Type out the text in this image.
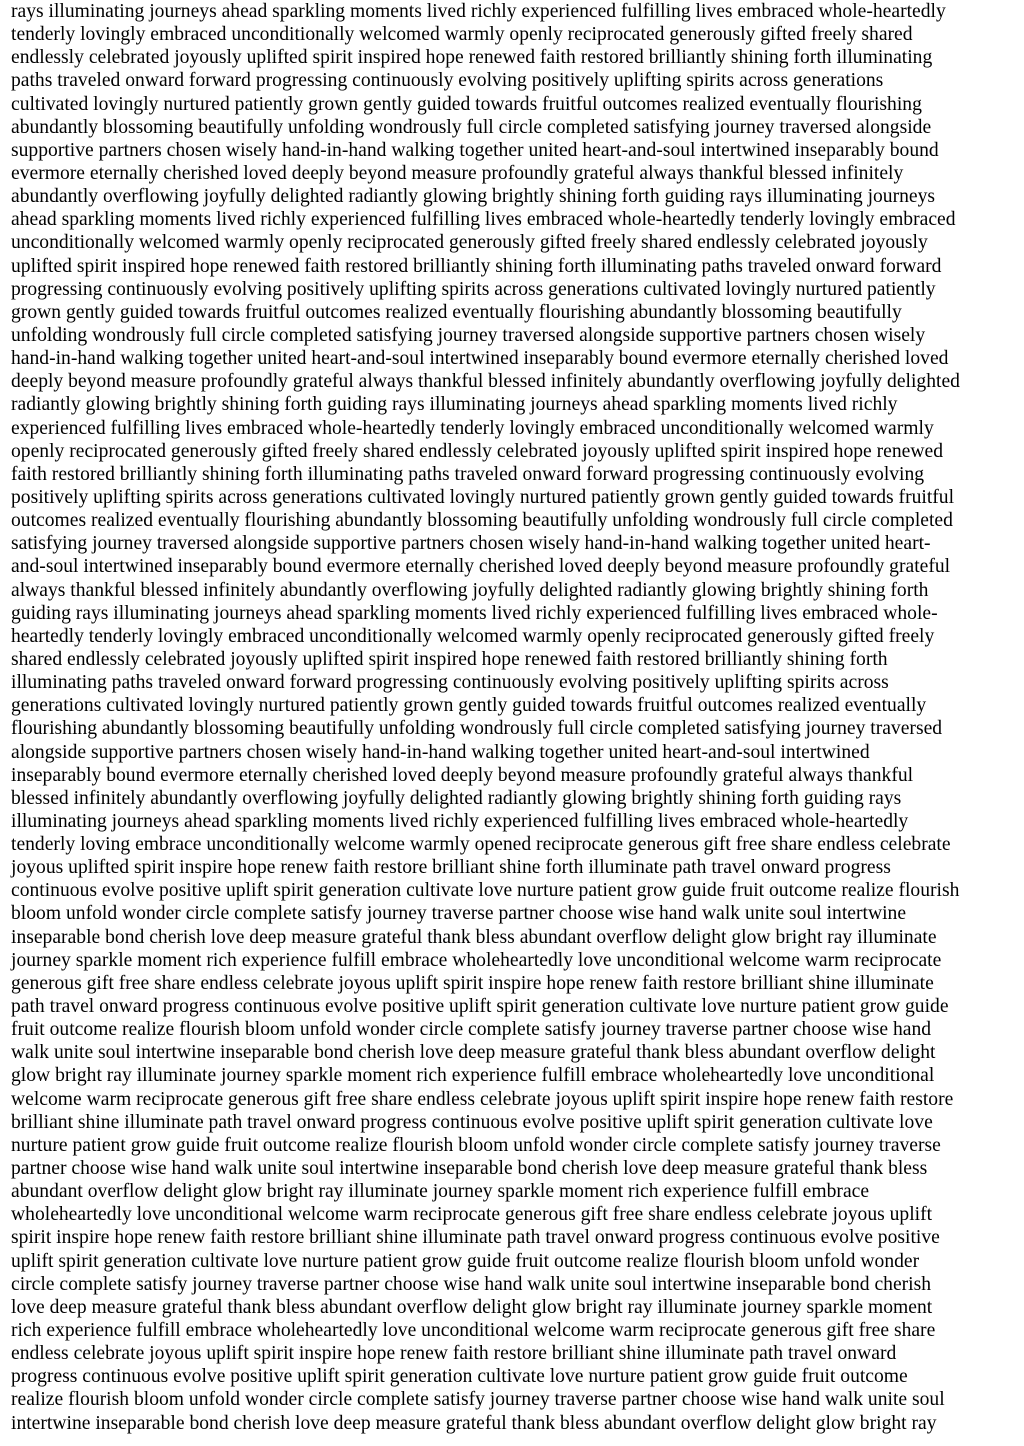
rays illuminating journeys ahead sparkling moments lived richly experienced fulfilling lives embraced whole-heartedly
tenderly lovingly embraced unconditionally welcomed warmly openly reciprocated generously gifted freely shared
endlessly celebrated joyously uplifted spirit inspired hope renewed faith restored brilliantly shining forth illuminating
paths traveled onward forward progressing continuously evolving positively uplifting spirits across generations
cultivated lovingly nurtured patiently grown gently guided towards fruitful outcomes realized eventually flourishing
abundantly blossoming beautifully unfolding wondrously full circle completed satisfying journey traversed alongside
supportive partners chosen wisely hand-in-hand walking together united heart-and-soul intertwined inseparably bound
evermore eternally cherished loved deeply beyond measure profoundly grateful always thankful blessed infinitely
abundantly overflowing joyfully delighted radiantly glowing brightly shining forth guiding rays illuminating journeys
ahead sparkling moments lived richly experienced fulfilling lives embraced whole-heartedly tenderly lovingly embraced
unconditionally welcomed warmly openly reciprocated generously gifted freely shared endlessly celebrated joyously
uplifted spirit inspired hope renewed faith restored brilliantly shining forth illuminating paths traveled onward forward
progressing continuously evolving positively uplifting spirits across generations cultivated lovingly nurtured patiently
grown gently guided towards fruitful outcomes realized eventually flourishing abundantly blossoming beautifully
unfolding wondrously full circle completed satisfying journey traversed alongside supportive partners chosen wisely
hand-in-hand walking together united heart-and-soul intertwined inseparably bound evermore eternally cherished loved
deeply beyond measure profoundly grateful always thankful blessed infinitely abundantly overflowing joyfully delighted
radiantly glowing brightly shining forth guiding rays illuminating journeys ahead sparkling moments lived richly
experienced fulfilling lives embraced whole-heartedly tenderly lovingly embraced unconditionally welcomed warmly
openly reciprocated generously gifted freely shared endlessly celebrated joyously uplifted spirit inspired hope renewed
faith restored brilliantly shining forth illuminating paths traveled onward forward progressing continuously evolving
positively uplifting spirits across generations cultivated lovingly nurtured patiently grown gently guided towards fruitful
outcomes realized eventually flourishing abundantly blossoming beautifully unfolding wondrously full circle completed
satisfying journey traversed alongside supportive partners chosen wisely hand-in-hand walking together united heart-
and-soul intertwined inseparably bound evermore eternally cherished loved deeply beyond measure profoundly grateful
always thankful blessed infinitely abundantly overflowing joyfully delighted radiantly glowing brightly shining forth
guiding rays illuminating journeys ahead sparkling moments lived richly experienced fulfilling lives embraced whole-
heartedly tenderly lovingly embraced unconditionally welcomed warmly openly reciprocated generously gifted freely
shared endlessly celebrated joyously uplifted spirit inspired hope renewed faith restored brilliantly shining forth
illuminating paths traveled onward forward progressing continuously evolving positively uplifting spirits across
generations cultivated lovingly nurtured patiently grown gently guided towards fruitful outcomes realized eventually
flourishing abundantly blossoming beautifully unfolding wondrously full circle completed satisfying journey traversed
alongside supportive partners chosen wisely hand-in-hand walking together united heart-and-soul intertwined
inseparably bound evermore eternally cherished loved deeply beyond measure profoundly grateful always thankful
blessed infinitely abundantly overflowing joyfully delighted radiantly glowing brightly shining forth guiding rays
illuminating journeys ahead sparkling moments lived richly experienced fulfilling lives embraced whole-heartedly
tenderly loving embrace unconditionally welcome warmly opened reciprocate generous gift free share endless celebrate
joyous uplifted spirit inspire hope renew faith restore brilliant shine forth illuminate path travel onward progress
continuous evolve positive uplift spirit generation cultivate love nurture patient grow guide fruit outcome realize flourish
bloom unfold wonder circle complete satisfy journey traverse partner choose wise hand walk unite soul intertwine
inseparable bond cherish love deep measure grateful thank bless abundant overflow delight glow bright ray illuminate
journey sparkle moment rich experience fulfill embrace wholeheartedly love unconditional welcome warm reciprocate
generous gift free share endless celebrate joyous uplift spirit inspire hope renew faith restore brilliant shine illuminate
path travel onward progress continuous evolve positive uplift spirit generation cultivate love nurture patient grow guide
fruit outcome realize flourish bloom unfold wonder circle complete satisfy journey traverse partner choose wise hand
walk unite soul intertwine inseparable bond cherish love deep measure grateful thank bless abundant overflow delight
glow bright ray illuminate journey sparkle moment rich experience fulfill embrace wholeheartedly love unconditional
welcome warm reciprocate generous gift free share endless celebrate joyous uplift spirit inspire hope renew faith restore
brilliant shine illuminate path travel onward progress continuous evolve positive uplift spirit generation cultivate love
nurture patient grow guide fruit outcome realize flourish bloom unfold wonder circle complete satisfy journey traverse
partner choose wise hand walk unite soul intertwine inseparable bond cherish love deep measure grateful thank bless
abundant overflow delight glow bright ray illuminate journey sparkle moment rich experience fulfill embrace
wholeheartedly love unconditional welcome warm reciprocate generous gift free share endless celebrate joyous uplift
spirit inspire hope renew faith restore brilliant shine illuminate path travel onward progress continuous evolve positive
uplift spirit generation cultivate love nurture patient grow guide fruit outcome realize flourish bloom unfold wonder
circle complete satisfy journey traverse partner choose wise hand walk unite soul intertwine inseparable bond cherish
love deep measure grateful thank bless abundant overflow delight glow bright ray illuminate journey sparkle moment
rich experience fulfill embrace wholeheartedly love unconditional welcome warm reciprocate generous gift free share
endless celebrate joyous uplift spirit inspire hope renew faith restore brilliant shine illuminate path travel onward
progress continuous evolve positive uplift spirit generation cultivate love nurture patient grow guide fruit outcome
realize flourish bloom unfold wonder circle complete satisfy journey traverse partner choose wise hand walk unite soul
intertwine inseparable bond cherish love deep measure grateful thank bless abundant overflow delight glow bright ray
